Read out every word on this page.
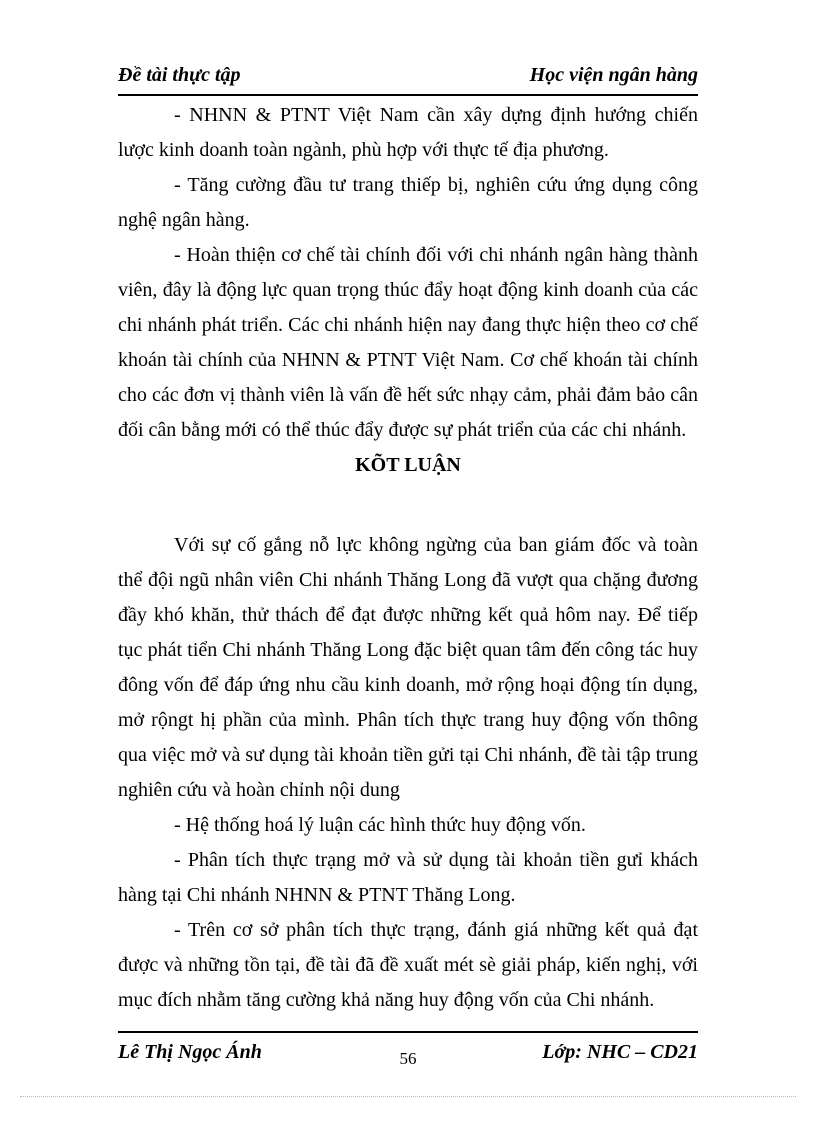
Đề tài thực tập	Học viện ngân hàng

- NHNN & PTNT Việt Nam cần xây dựng định hướng chiến lược kinh doanh toàn ngành, phù hợp với thực tế địa phương.

- Tăng cường đầu tư trang thiếp bị, nghiên cứu ứng dụng công nghệ ngân hàng.

- Hoàn thiện cơ chế tài chính đối với chi nhánh ngân hàng thành viên, đây là động lực quan trọng thúc đẩy hoạt động kinh doanh của các chi nhánh phát triển. Các chi nhánh hiện nay đang thực hiện theo cơ chế khoán tài chính của NHNN & PTNT Việt Nam. Cơ chế khoán tài chính cho các đơn vị thành viên là vấn đề hết sức nhạy cảm, phải đảm bảo cân đối cân bằng mới có thể thúc đẩy được sự phát triển của các chi nhánh.

KÕT LUẬN

Với sự cố gắng nỗ lực không ngừng của ban giám đốc và toàn thể đội ngũ nhân viên Chi nhánh Thăng Long đã vượt qua chặng đương đầy khó khăn, thử thách để đạt được những kết quả hôm nay. Để tiếp tục phát tiển Chi nhánh Thăng Long đặc biệt quan tâm đến công tác huy đông vốn để đáp ứng nhu cầu kinh doanh, mở rộng hoại động tín dụng, mở rộngt hị phần của mình. Phân tích thực trang huy động vốn thông qua việc mở và sư dụng tài khoản tiền gửi tại Chi nhánh, đề tài tập trung nghiên cứu và hoàn chỉnh nội dung

- Hệ thống hoá lý luận các hình thức huy động vốn.

- Phân tích thực trạng mở và sử dụng tài khoản tiền gưỉ khách hàng tại Chi nhánh NHNN & PTNT Thăng Long.

- Trên cơ sở phân tích thực trạng, đánh giá những kết quả đạt được và những tồn tại, đề tài đã đề xuất mét sè giải pháp, kiến nghị, với mục đích nhằm tăng cường khả năng huy động vốn của Chi nhánh.

Lê Thị Ngọc Ánh	56	Lớp: NHC – CD21
